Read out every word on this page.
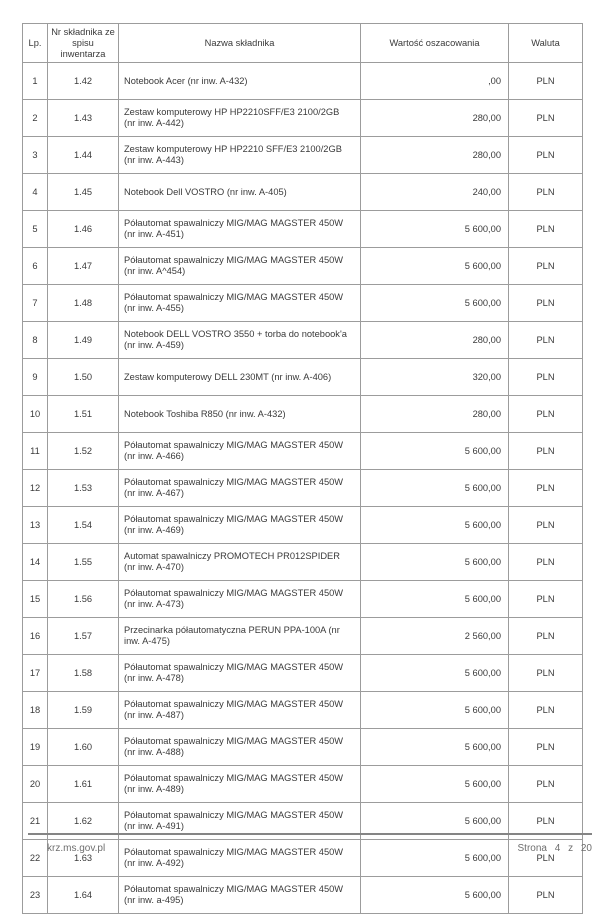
Lp.	Nr składnika ze spisu inwentarza	Nazwa składnika	Wartość oszacowania	Waluta
1	1.42	Notebook Acer (nr inw. A-432)	,00	PLN
2	1.43	Zestaw komputerowy HP HP2210SFF/E3 2100/2GB (nr inw. A-442)	280,00	PLN
3	1.44	Zestaw komputerowy HP HP2210 SFF/E3 2100/2GB (nr inw. A-443)	280,00	PLN
4	1.45	Notebook Dell VOSTRO (nr inw. A-405)	240,00	PLN
5	1.46	Półautomat spawalniczy MIG/MAG MAGSTER 450W (nr inw. A-451)	5 600,00	PLN
6	1.47	Półautomat spawalniczy MIG/MAG MAGSTER 450W (nr inw. A^454)	5 600,00	PLN
7	1.48	Półautomat spawalniczy MIG/MAG MAGSTER 450W (nr inw. A-455)	5 600,00	PLN
8	1.49	Notebook DELL VOSTRO 3550 + torba do notebook'a (nr inw. A-459)	280,00	PLN
9	1.50	Zestaw komputerowy DELL 230MT (nr inw. A-406)	320,00	PLN
10	1.51	Notebook Toshiba R850 (nr inw. A-432)	280,00	PLN
11	1.52	Półautomat spawalniczy MIG/MAG MAGSTER 450W (nr inw. A-466)	5 600,00	PLN
12	1.53	Półautomat spawalniczy MIG/MAG MAGSTER 450W (nr inw. A-467)	5 600,00	PLN
13	1.54	Półautomat spawalniczy MIG/MAG MAGSTER 450W (nr inw. A-469)	5 600,00	PLN
14	1.55	Automat spawalniczy PROMOTECH PR012SPIDER (nr inw. A-470)	5 600,00	PLN
15	1.56	Półautomat spawalniczy MIG/MAG MAGSTER 450W (nr inw. A-473)	5 600,00	PLN
16	1.57	Przecinarka półautomatyczna PERUN PPA-100A (nr inw. A-475)	2 560,00	PLN
17	1.58	Półautomat spawalniczy MIG/MAG MAGSTER 450W (nr inw. A-478)	5 600,00	PLN
18	1.59	Półautomat spawalniczy MIG/MAG MAGSTER 450W (nr inw. A-487)	5 600,00	PLN
19	1.60	Półautomat spawalniczy MIG/MAG MAGSTER 450W (nr inw. A-488)	5 600,00	PLN
20	1.61	Półautomat spawalniczy MIG/MAG MAGSTER 450W (nr inw. A-489)	5 600,00	PLN
21	1.62	Półautomat spawalniczy MIG/MAG MAGSTER 450W (nr inw. A-491)	5 600,00	PLN
22	1.63	Półautomat spawalniczy MIG/MAG MAGSTER 450W (nr inw. A-492)	5 600,00	PLN
23	1.64	Półautomat spawalniczy MIG/MAG MAGSTER 450W (nr inw. a-495)	5 600,00	PLN
krz.ms.gov.pl	Strona 4 z 20
